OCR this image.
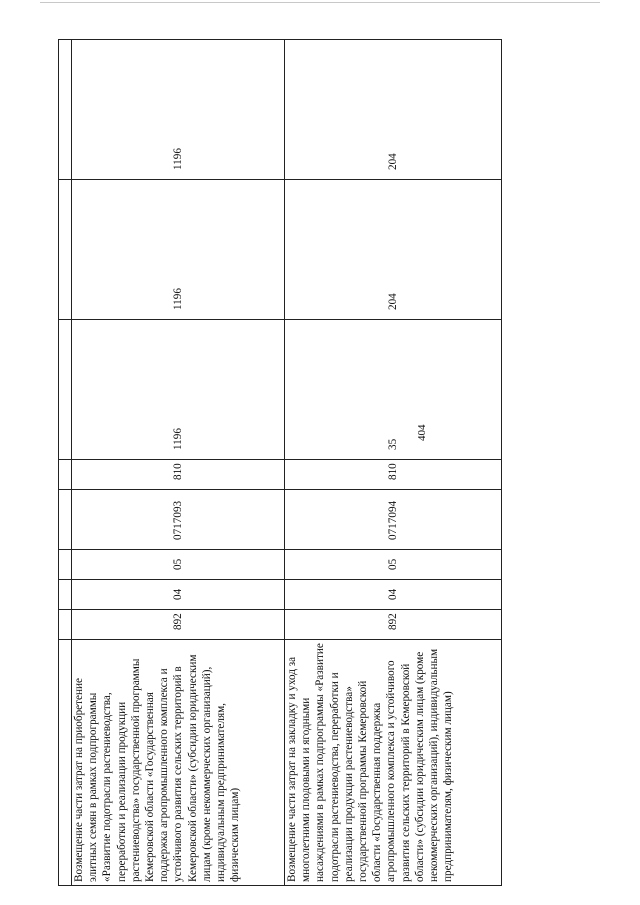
404

Возмещение части затрат на приобретение элитных семян в рамках подпрограммы «Развитие подотрасли растениеводства, переработки и реализации продукции растениеводства» государственной программы Кемеровской области «Государственная поддержка агропромышленного комплекса и устойчивого развития сельских территорий в Кемеровской области» (субсидии юридическим лицам (кроме некоммерческих организаций), индивидуальным предпринимателям, физическим лицам)	892	04	05	0717093	810	1196	1196	1196
Возмещение части затрат на закладку и уход за многолетними плодовыми и ягодными насаждениями в рамках подпрограммы «Развитие подотрасли растениеводства, переработки и реализации продукции растениеводства» государственной программы Кемеровской области «Государственная поддержка агропромышленного комплекса и устойчивого развития сельских территорий в Кемеровской области» (субсидии юридическим лицам (кроме некоммерческих организаций), индивидуальным предпринимателям, физическим лицам)	892	04	05	0717094	810	35	204	204
